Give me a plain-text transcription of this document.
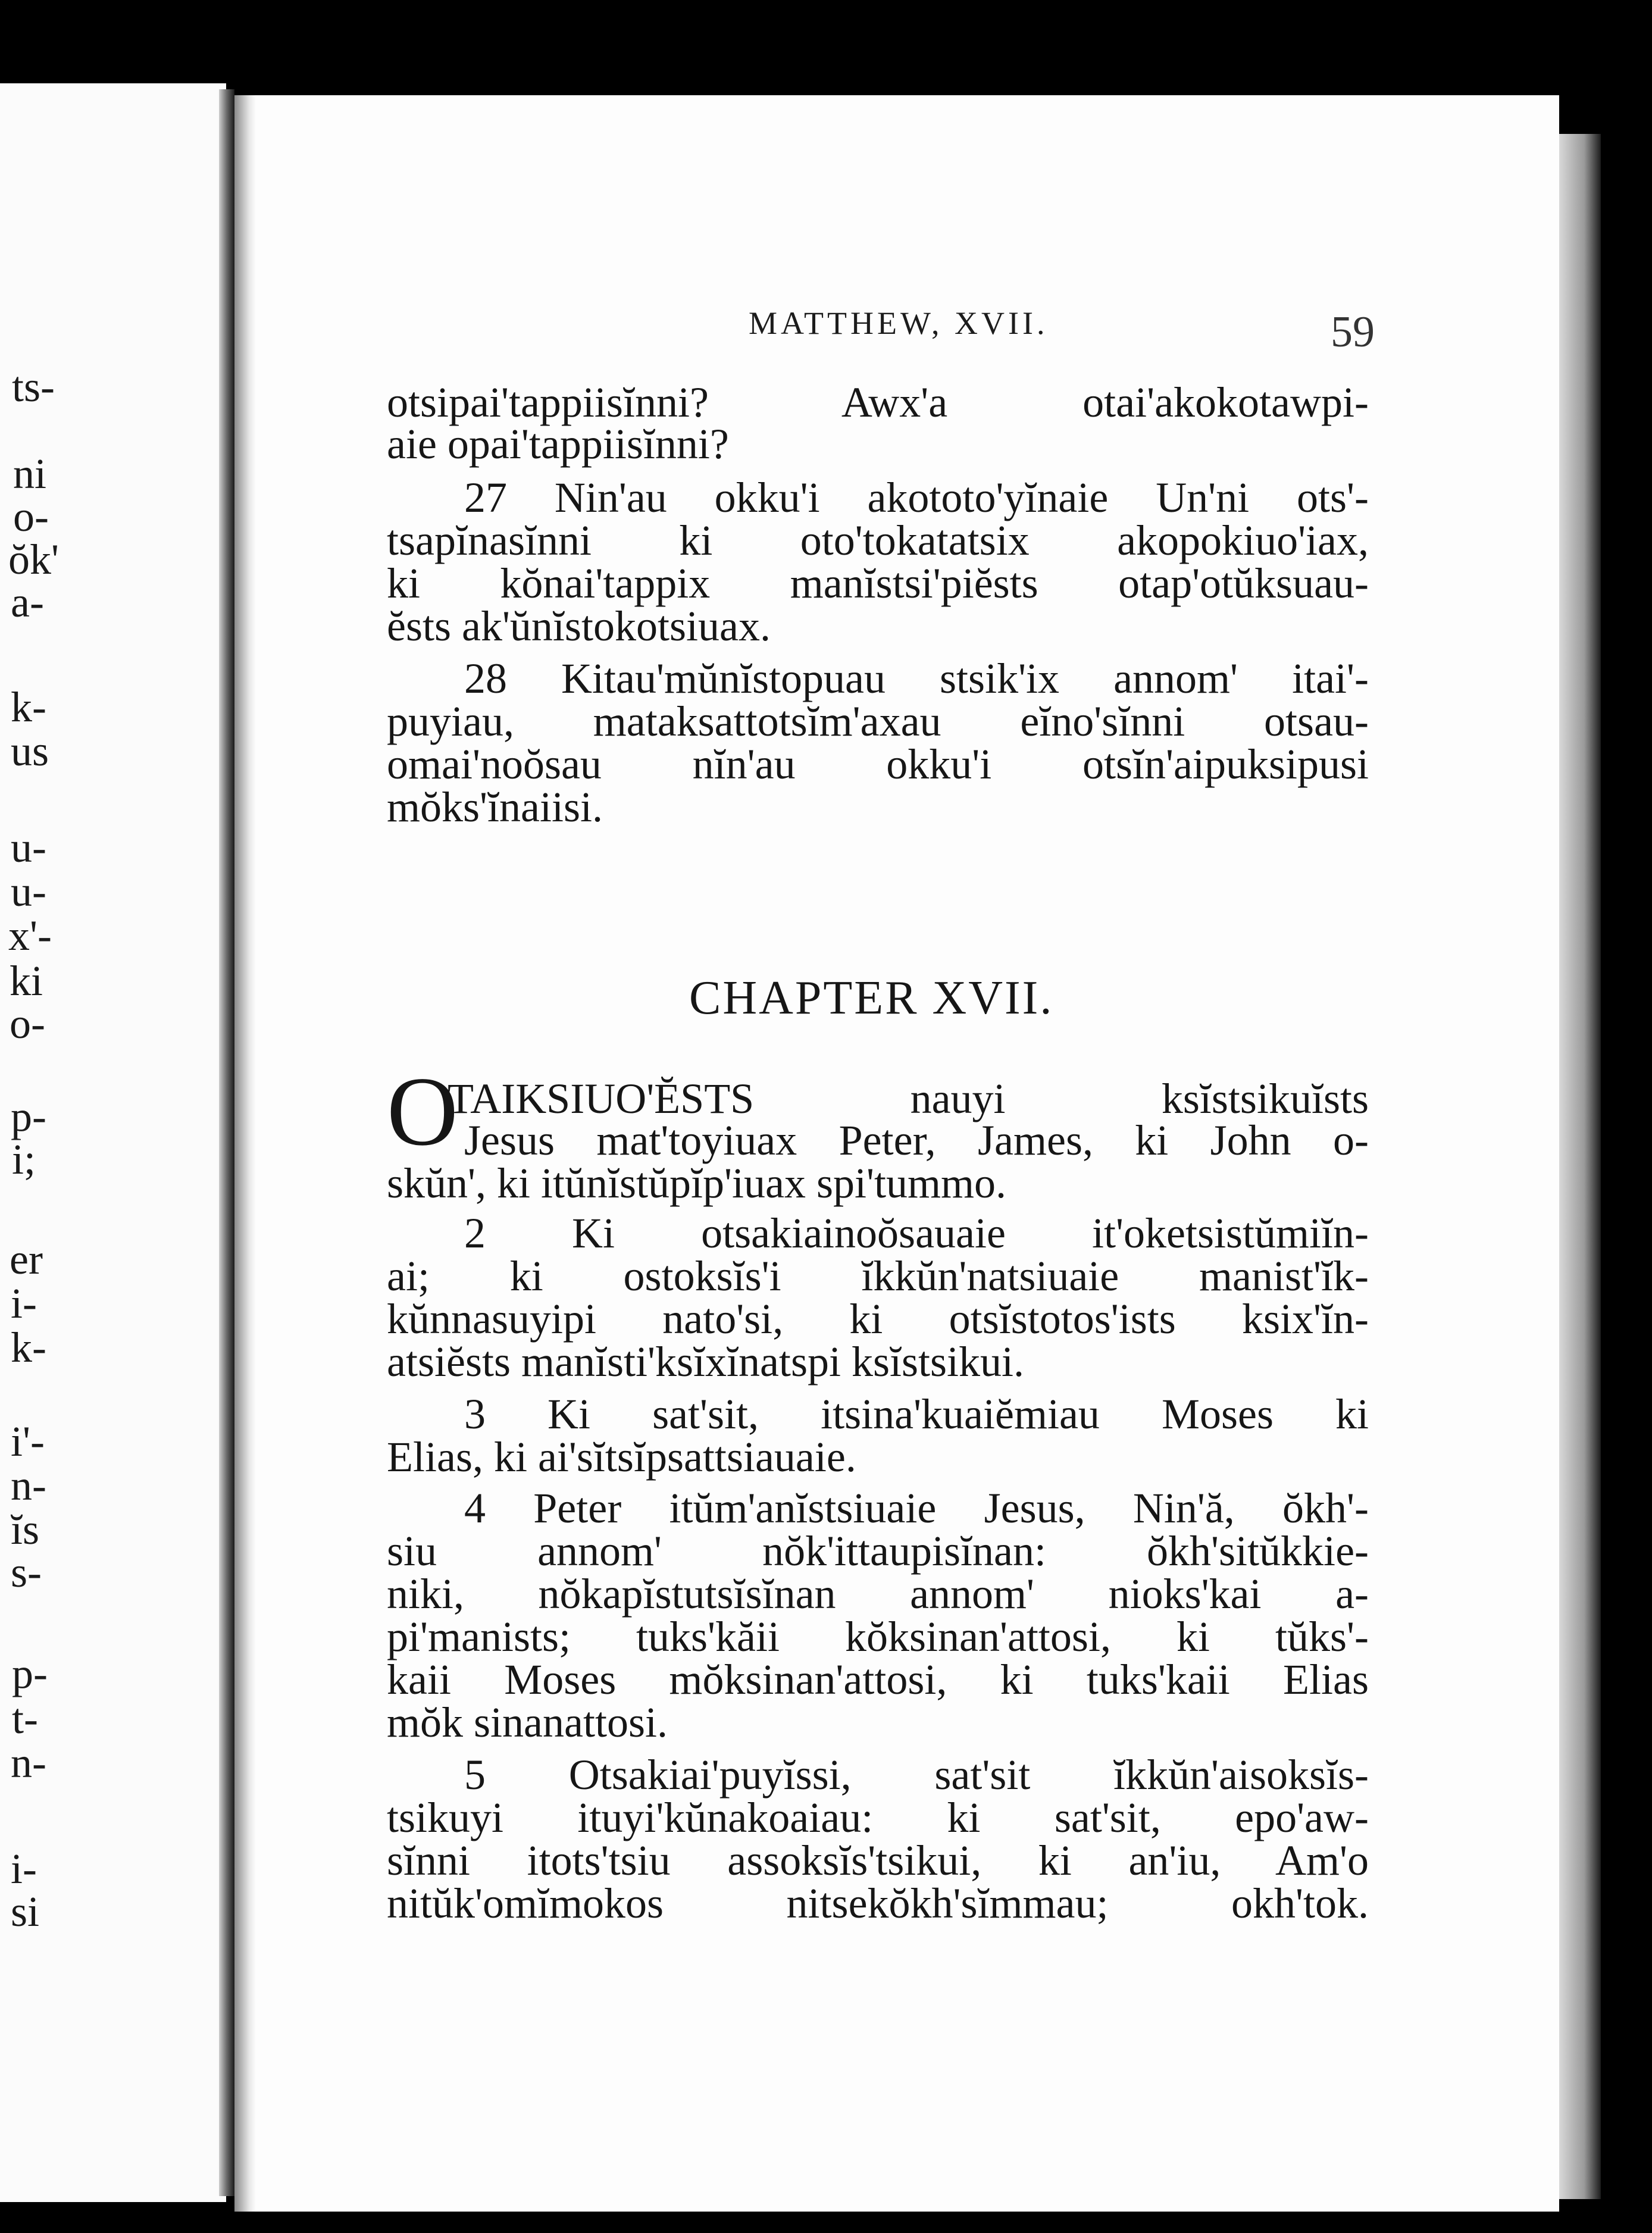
ts-

ni

o-

ŏk'

a-

k-

us

u-

u-

x'-

ki

o-

p-

i;

er

i-

k-

i'-

n-

ĭs

s-

p-

t-

n-

i-

si

MATTHEW, XVII.	59

otsipai'tappiisĭnni? Awx'a otai'akokotawpi-

aie opai'tappiisĭnni?

27 Nin'au okku'i akototo'yĭnaie Un'ni ots'-

tsapĭnasĭnni ki oto'tokatatsix akopokiuo'iax,

ki kŏnai'tappix manĭstsi'piĕsts otap'otŭksuau-

ĕsts ak'ŭnĭstokotsiuax.

28 Kitau'mŭnĭstopuau stsik'ix annom' itai'-

puyiau, mataksattotsĭm'axau eĭno'sĭnni otsau-

omai'noŏsau nĭn'au okku'i otsĭn'aipuksipusi

mŏks'ĭnaiisi.

CHAPTER XVII.

O

TAIKSIUO'ĔSTS nauyi ksĭstsikuĭsts

Jesus mat'toyiuax Peter, James, ki John o-

skŭn', ki itŭnĭstŭpĭp'iuax spi'tummo.

2 Ki otsakiainoŏsauaie it'oketsistŭmiĭn-

ai; ki ostoksĭs'i ĭkkŭn'natsiuaie manist'ĭk-

kŭnnasuyipi nato'si, ki otsĭstotos'ists ksix'ĭn-

atsiĕsts manĭsti'ksĭxĭnatspi ksĭstsikui.

3 Ki sat'sit, itsina'kuaiĕmiau Moses ki

Elias, ki ai'sĭtsĭpsattsiauaie.

4 Peter itŭm'anĭstsiuaie Jesus, Nin'ă, ŏkh'-

siu annom' nŏk'ittaupisĭnan: ŏkh'sitŭkkie-

niki, nŏkapĭstutsĭsĭnan annom' nioks'kai a-

pi'manists; tuks'kăii kŏksinan'attosi, ki tŭks'-

kaii Moses mŏksinan'attosi, ki tuks'kaii Elias

mŏk sinanattosi.

5 Otsakiai'puyĭssi, sat'sit ĭkkŭn'aisoksĭs-

tsikuyi ituyi'kŭnakoaiau: ki sat'sit, epo'aw-

sĭnni itots'tsiu assoksĭs'tsikui, ki an'iu, Am'o

nitŭk'omĭmokos nitsekŏkh'sĭmmau; okh'tok.
